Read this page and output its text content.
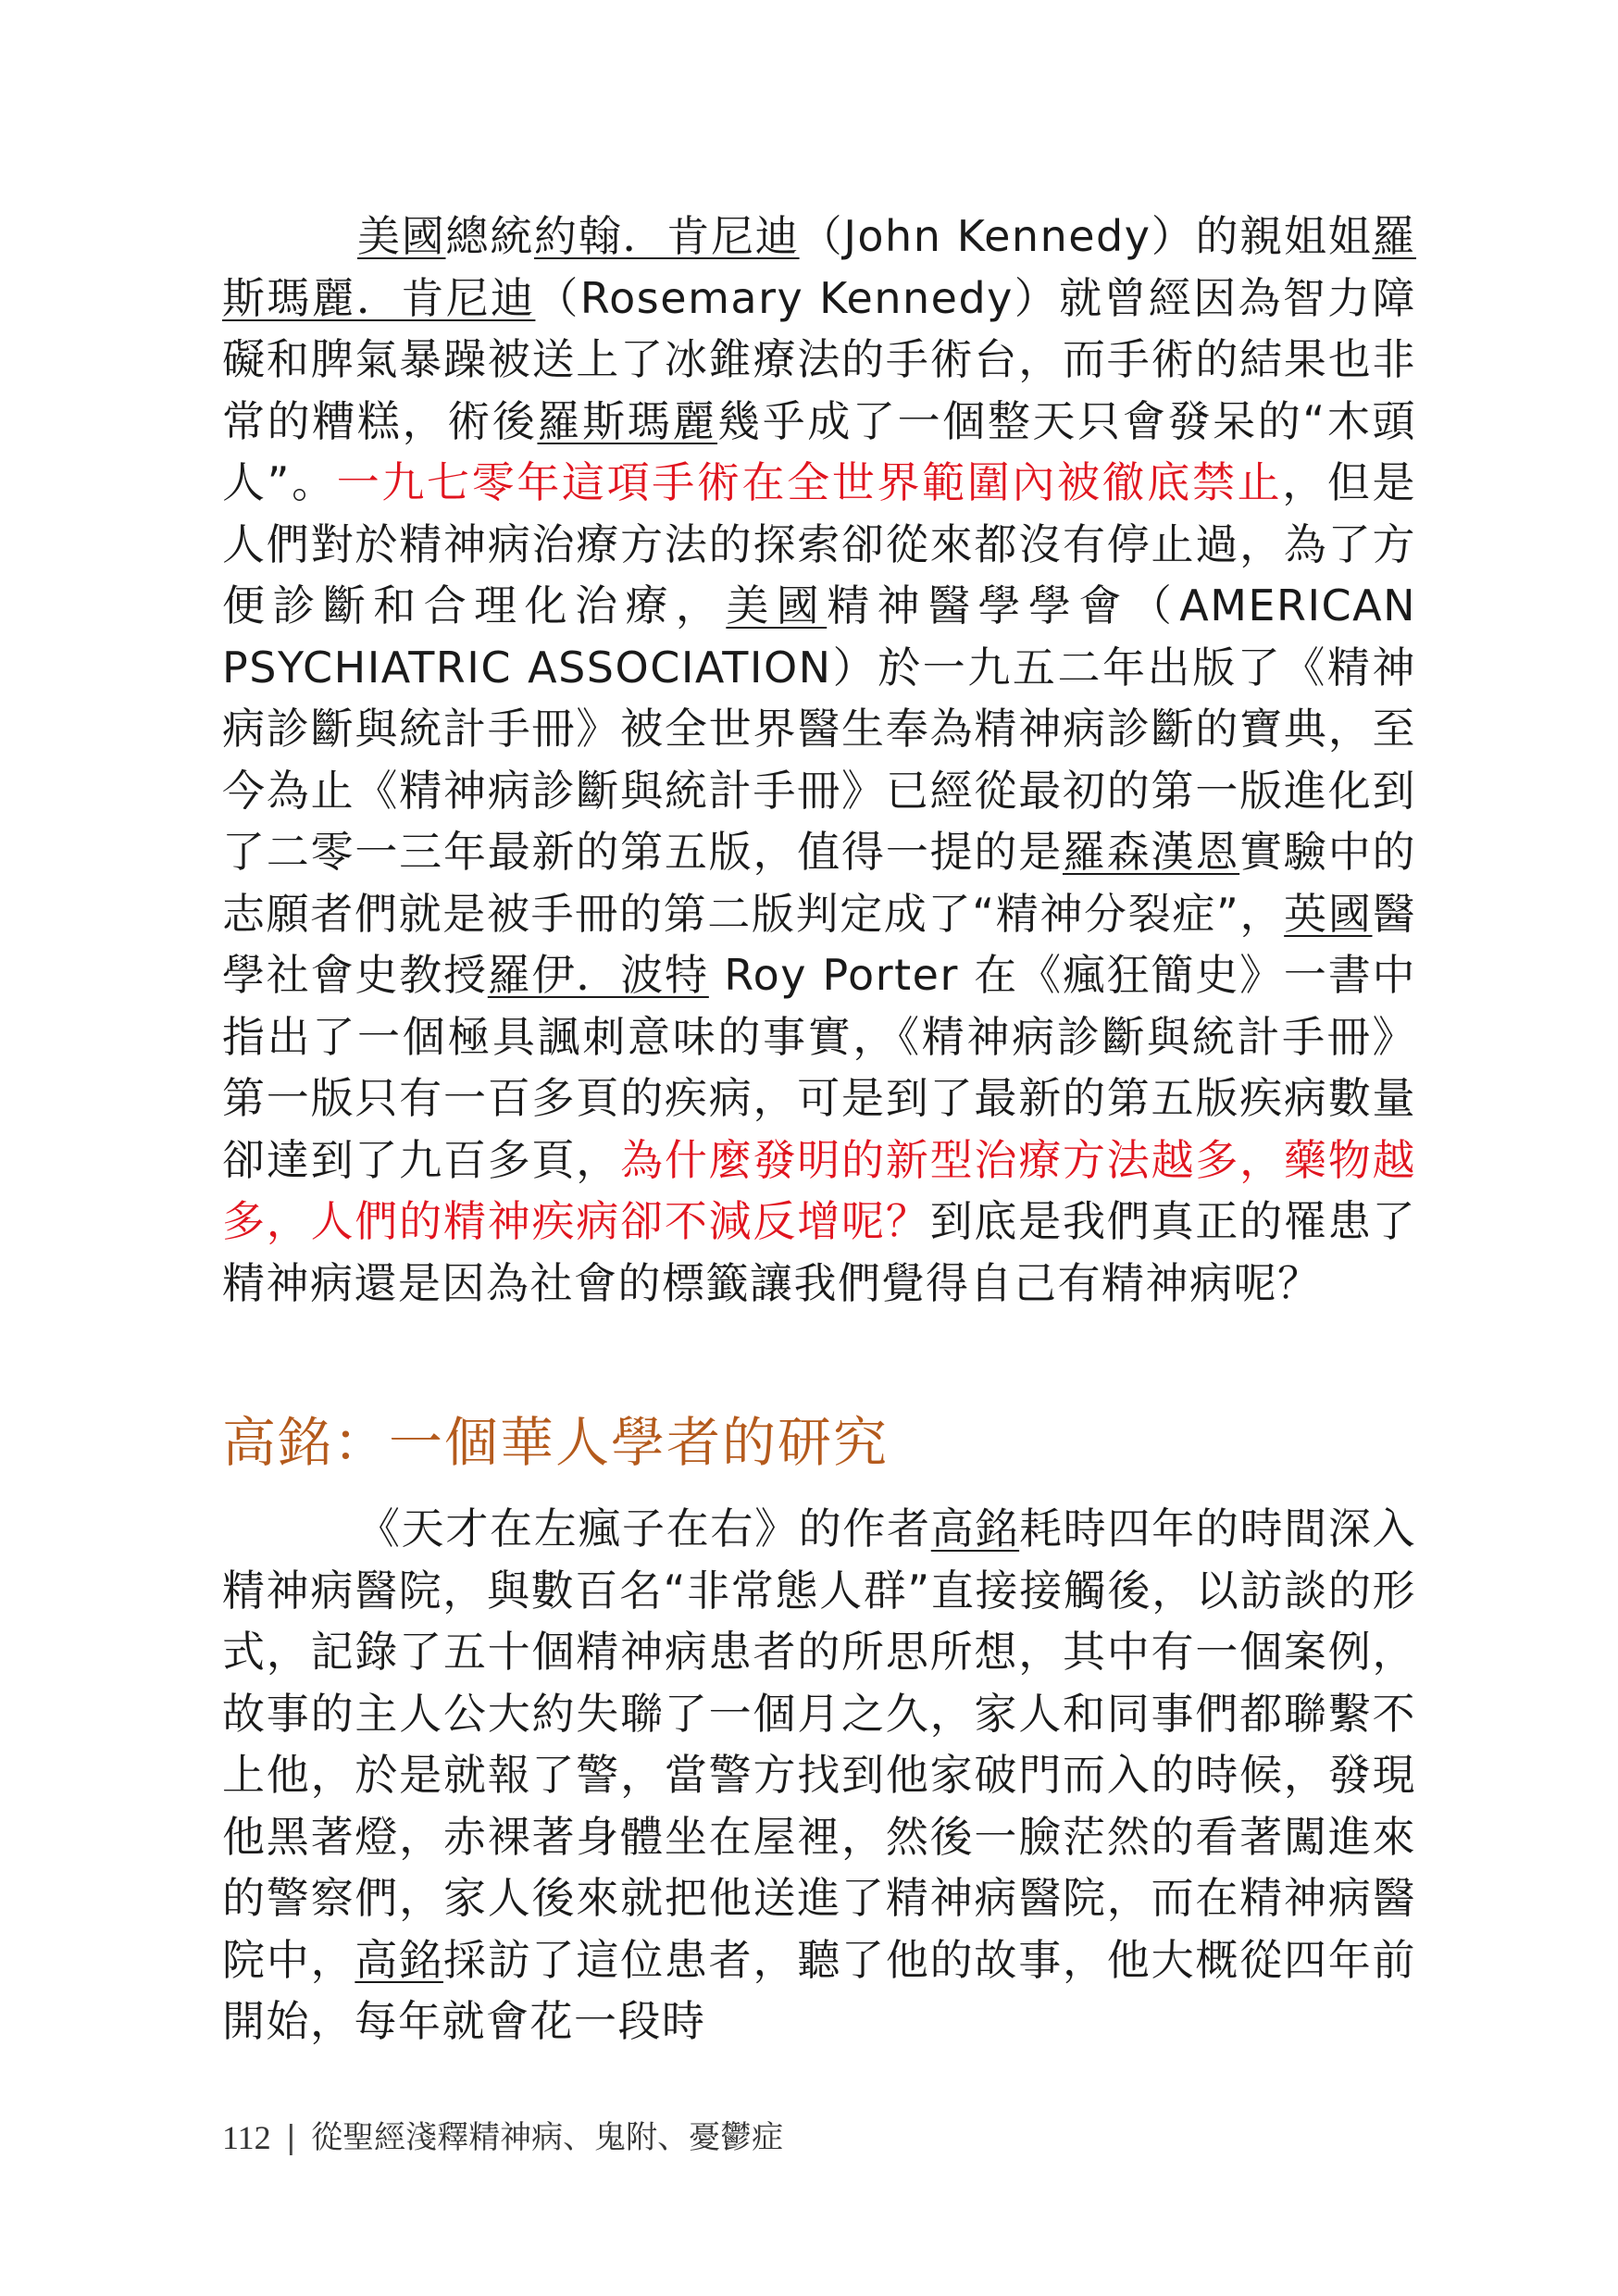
美國總統約翰．肯尼迪（John Kennedy）的親姐姐羅斯瑪麗．肯尼迪（Rosemary Kennedy）就曾經因為智力障礙和脾氣暴躁被送上了冰錐療法的手術台，而手術的結果也非常的糟糕，術後羅斯瑪麗幾乎成了一個整天只會發呆的“木頭人”。一九七零年這項手術在全世界範圍內被徹底禁止，但是人們對於精神病治療方法的探索卻從來都沒有停止過，為了方便診斷和合理化治療，美國精神醫學學會（AMERICAN PSYCHIATRIC ASSOCIATION）於一九五二年出版了《精神病診斷與統計手冊》被全世界醫生奉為精神病診斷的寶典，至今為止《精神病診斷與統計手冊》已經從最初的第一版進化到了二零一三年最新的第五版，值得一提的是羅森漢恩實驗中的志願者們就是被手冊的第二版判定成了“精神分裂症”，英國醫學社會史教授羅伊．波特 Roy Porter 在《瘋狂簡史》一書中指出了一個極具諷刺意味的事實，《精神病診斷與統計手冊》第一版只有一百多頁的疾病，可是到了最新的第五版疾病數量卻達到了九百多頁，為什麼發明的新型治療方法越多，藥物越多，人們的精神疾病卻不減反增呢？到底是我們真正的罹患了精神病還是因為社會的標籤讓我們覺得自己有精神病呢？

高銘：一個華人學者的研究

《天才在左瘋子在右》的作者高銘耗時四年的時間深入精神病醫院，與數百名“非常態人群”直接接觸後，以訪談的形式，記錄了五十個精神病患者的所思所想，其中有一個案例，故事的主人公大約失聯了一個月之久，家人和同事們都聯繫不上他，於是就報了警，當警方找到他家破門而入的時候，發現他黑著燈，赤裸著身體坐在屋裡，然後一臉茫然的看著闖進來的警察們，家人後來就把他送進了精神病醫院，而在精神病醫院中，高銘採訪了這位患者，聽了他的故事，他大概從四年前開始，每年就會花一段時

112 | 從聖經淺釋精神病、鬼附、憂鬱症
